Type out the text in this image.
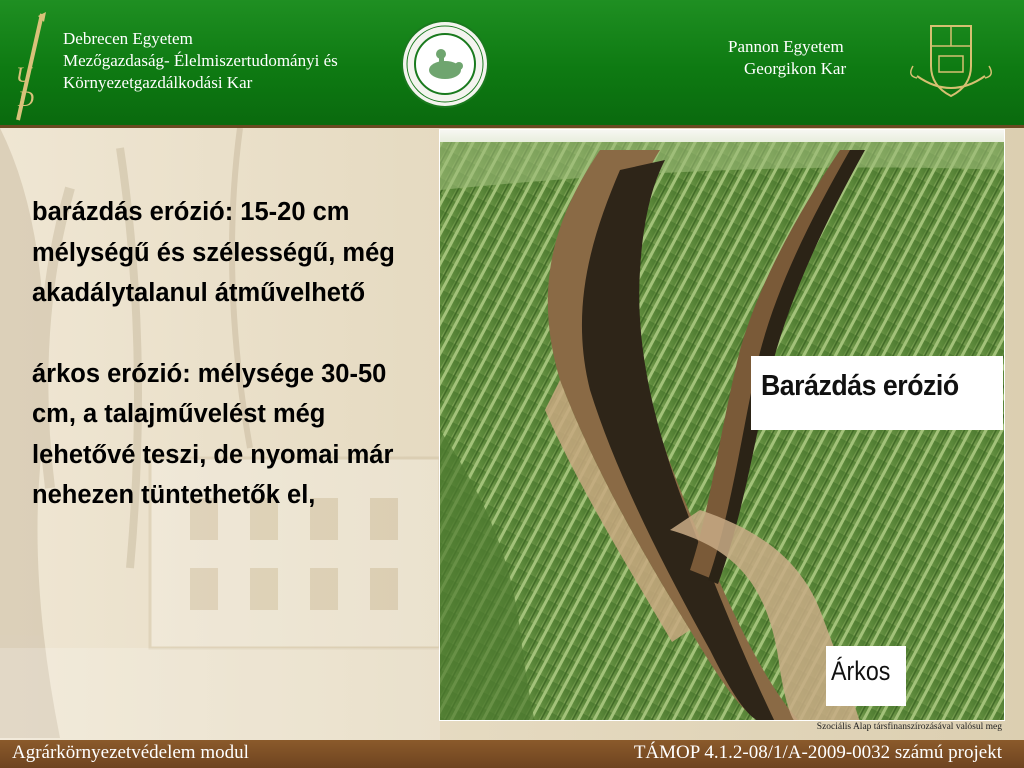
U
D
Debrecen Egyetem
Mezőgazdaság- Élelmiszertudományi és
Környezetgazdálkodási Kar
Pannon Egyetem
Georgikon Kar

barázdás erózió: 15-20 cm mélységű és szélességű, még akadálytalanul átművelhető

árkos erózió: mélysége 30-50 cm, a talajművelést még lehetővé teszi, de nyomai már nehezen tüntethetők el,

Barázdás erózió
Árkos
Szociális Alap társfinanszírozásával valósul meg
Agrárkörnyezetvédelem modul	TÁMOP 4.1.2-08/1/A-2009-0032 számú projekt
